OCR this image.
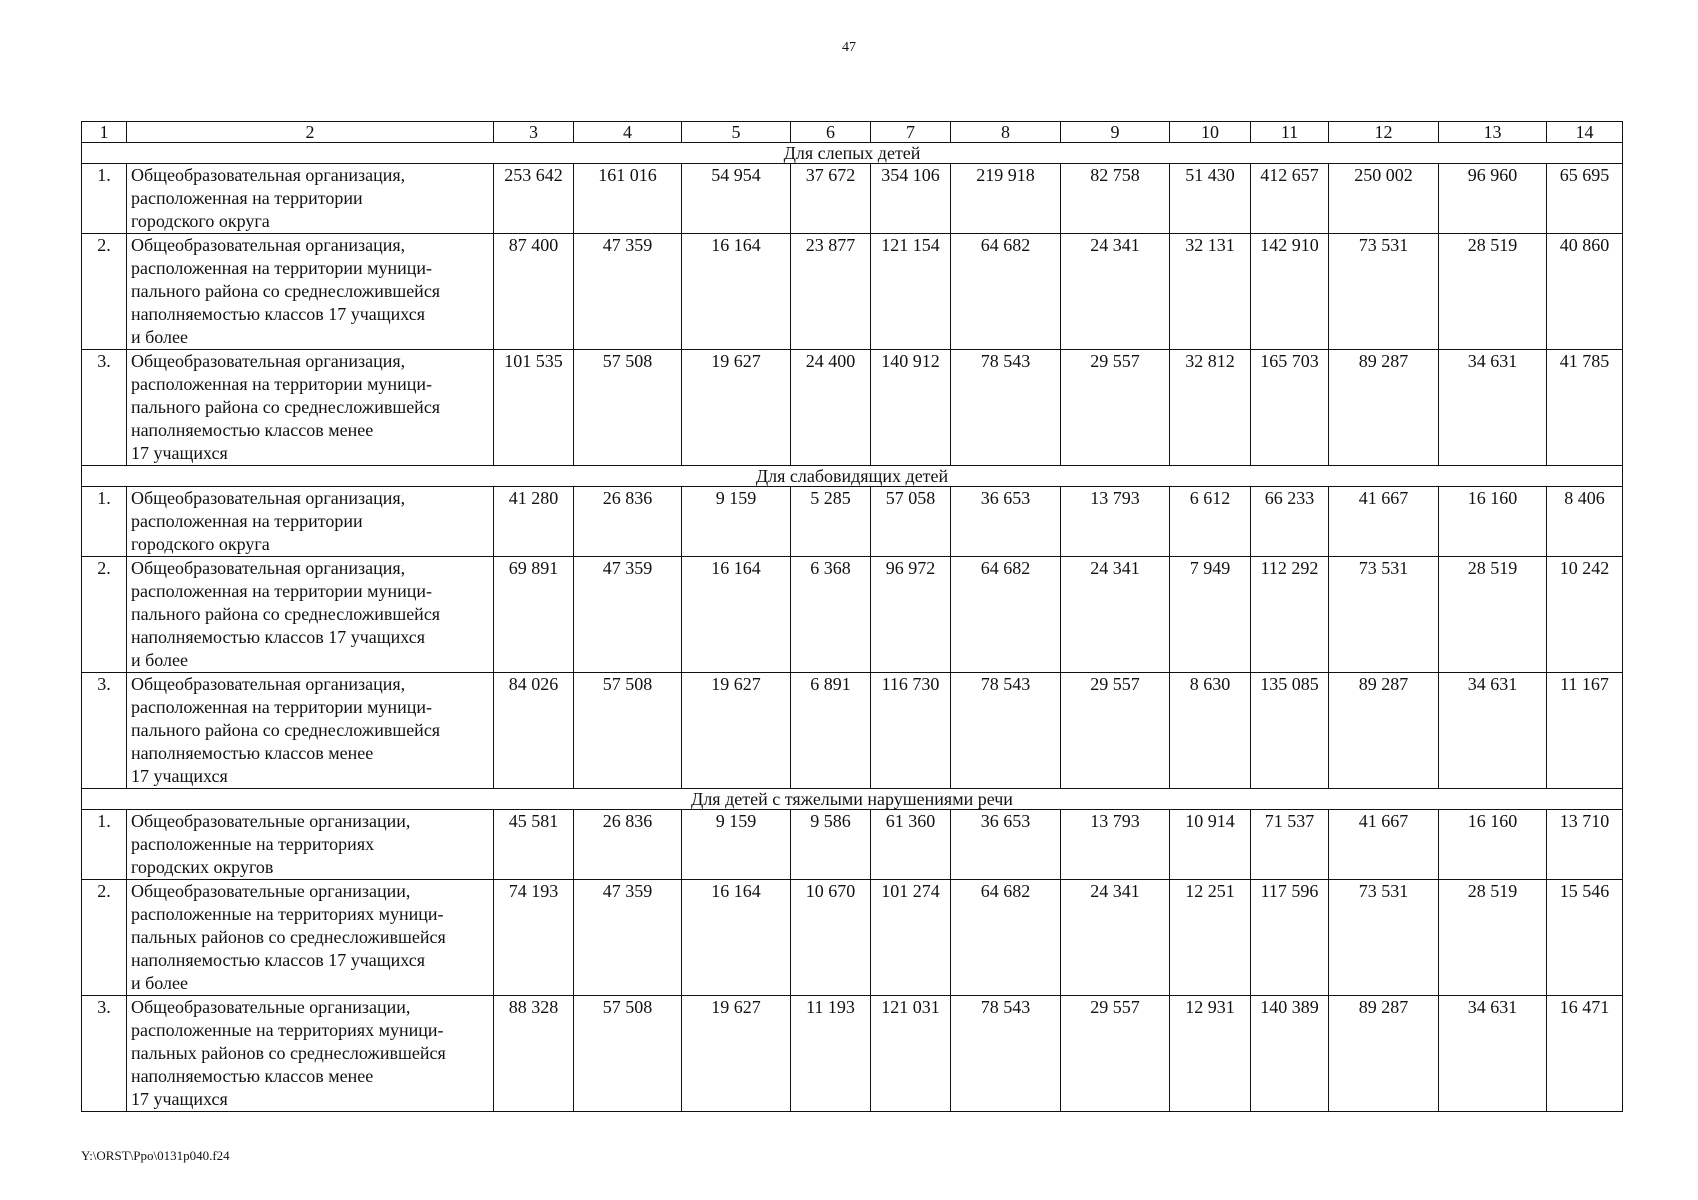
47
1	2	3	4	5	6	7	8	9	10	11	12	13	14
Для слепых детей													
1.	Общеобразовательная организация,
расположенная на территории
городского округа	253 642	161 016	54 954	37 672	354 106	219 918	82 758	51 430	412 657	250 002	96 960	65 695
2.	Общеобразовательная организация,
расположенная на территории муници-
пального района со среднесложившейся
наполняемостью классов 17 учащихся
и более	87 400	47 359	16 164	23 877	121 154	64 682	24 341	32 131	142 910	73 531	28 519	40 860
3.	Общеобразовательная организация,
расположенная на территории муници-
пального района со среднесложившейся
наполняемостью классов менее
17 учащихся	101 535	57 508	19 627	24 400	140 912	78 543	29 557	32 812	165 703	89 287	34 631	41 785
Для слабовидящих детей													
1.	Общеобразовательная организация,
расположенная на территории
городского округа	41 280	26 836	9 159	5 285	57 058	36 653	13 793	6 612	66 233	41 667	16 160	8 406
2.	Общеобразовательная организация,
расположенная на территории муници-
пального района со среднесложившейся
наполняемостью классов 17 учащихся
и более	69 891	47 359	16 164	6 368	96 972	64 682	24 341	7 949	112 292	73 531	28 519	10 242
3.	Общеобразовательная организация,
расположенная на территории муници-
пального района со среднесложившейся
наполняемостью классов менее
17 учащихся	84 026	57 508	19 627	6 891	116 730	78 543	29 557	8 630	135 085	89 287	34 631	11 167
Для детей с тяжелыми нарушениями речи													
1.	Общеобразовательные организации,
расположенные на территориях
городских округов	45 581	26 836	9 159	9 586	61 360	36 653	13 793	10 914	71 537	41 667	16 160	13 710
2.	Общеобразовательные организации,
расположенные на территориях муници-
пальных районов со среднесложившейся
наполняемостью классов 17 учащихся
и более	74 193	47 359	16 164	10 670	101 274	64 682	24 341	12 251	117 596	73 531	28 519	15 546
3.	Общеобразовательные организации,
расположенные на территориях муници-
пальных районов со среднесложившейся
наполняемостью классов менее
17 учащихся	88 328	57 508	19 627	11 193	121 031	78 543	29 557	12 931	140 389	89 287	34 631	16 471
Y:\ORST\Ppo\0131p040.f24
